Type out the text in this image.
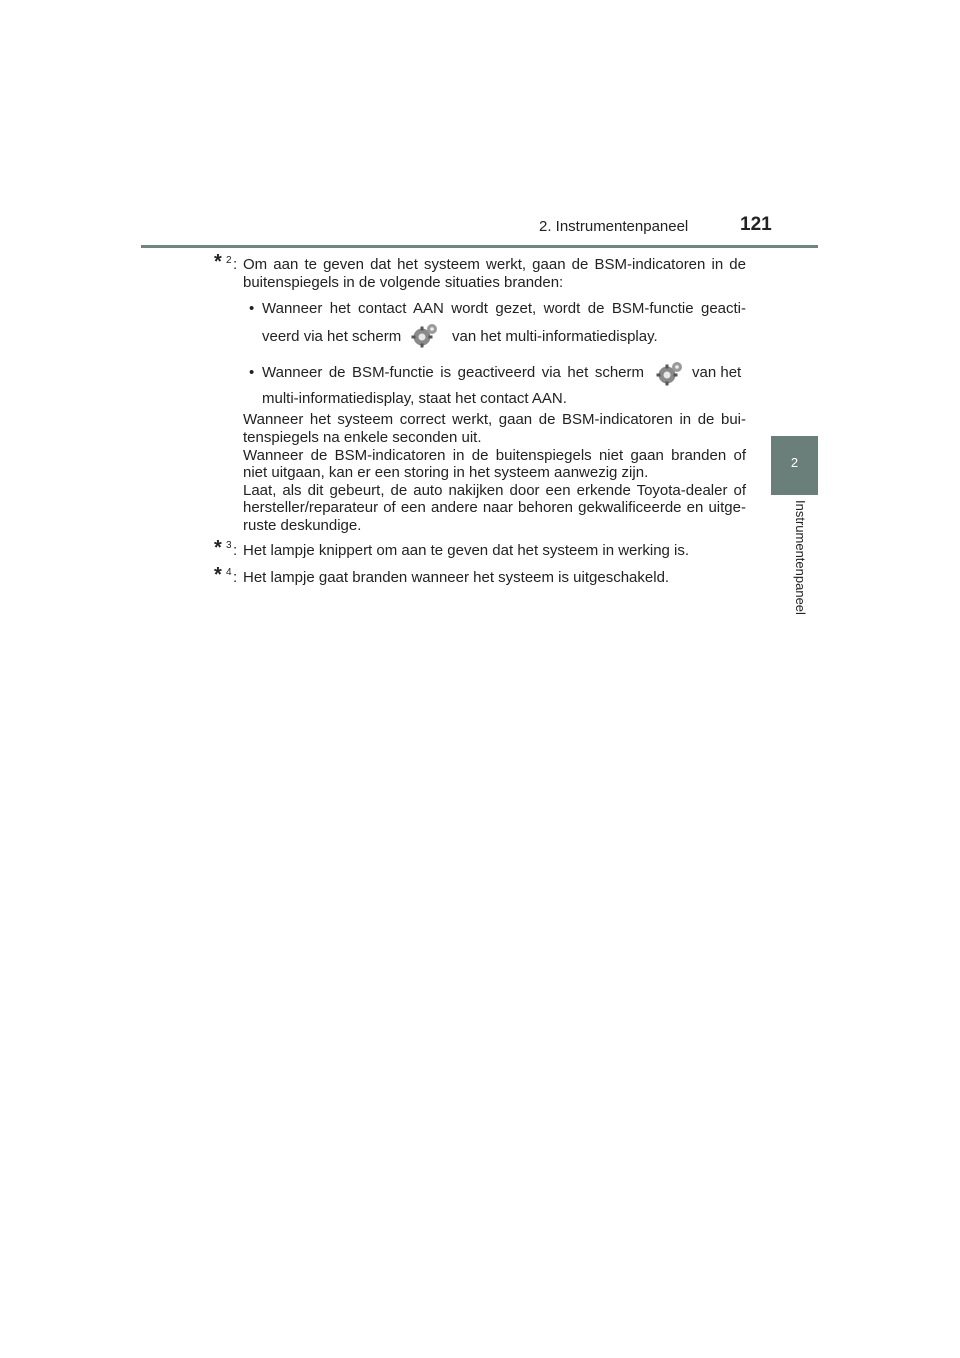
2. Instrumentenpaneel	121
2
Instrumentenpaneel
* 2 : Om aan te geven dat het systeem werkt, gaan de BSM-indicatoren in de
buitenspiegels in de volgende situaties branden:
• Wanneer het contact AAN wordt gezet, wordt de BSM-functie geacti-
veerd via het scherm	van het multi-informatiedisplay.
• Wanneer de BSM-functie is geactiveerd via het scherm	van het
multi-informatiedisplay, staat het contact AAN.
Wanneer het systeem correct werkt, gaan de BSM-indicatoren in de bui-
tenspiegels na enkele seconden uit.
Wanneer de BSM-indicatoren in de buitenspiegels niet gaan branden of
niet uitgaan, kan er een storing in het systeem aanwezig zijn.
Laat, als dit gebeurt, de auto nakijken door een erkende Toyota-dealer of
hersteller/reparateur of een andere naar behoren gekwalificeerde en uitge-
ruste deskundige.
* 3 : Het lampje knippert om aan te geven dat het systeem in werking is.
* 4 : Het lampje gaat branden wanneer het systeem is uitgeschakeld.
